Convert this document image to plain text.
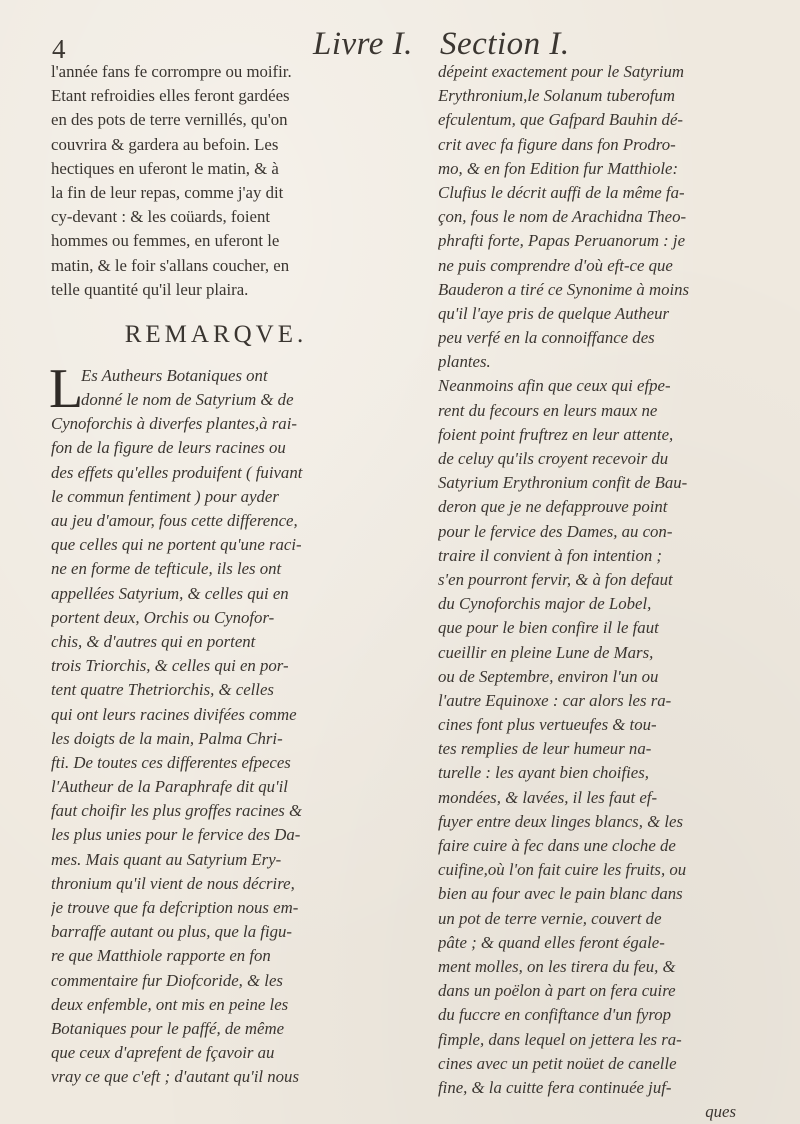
4	Livre I. Section I.
l'année fans fe corrompre ou moifir.
Etant refroidies elles feront gardées
en des pots de terre vernillés, qu'on
couvrira & gardera au befoin. Les
hectiques en uferont le matin, & à
la fin de leur repas, comme j'ay dit
cy-devant : & les coüards, foient
hommes ou femmes, en uferont le
matin, & le foir s'allans coucher, en
telle quantité qu'il leur plaira.
REMARQVE.
L
Es Autheurs Botaniques ont
donné le nom de Satyrium & de
Cynoforchis à diverfes plantes,à rai-
fon de la figure de leurs racines ou
des effets qu'elles produifent ( fuivant
le commun fentiment ) pour ayder
au jeu d'amour, fous cette difference,
que celles qui ne portent qu'une raci-
ne en forme de tefticule, ils les ont
appellées Satyrium, & celles qui en
portent deux, Orchis ou Cynofor-
chis, & d'autres qui en portent
trois Triorchis, & celles qui en por-
tent quatre Thetriorchis, & celles
qui ont leurs racines divifées comme
les doigts de la main, Palma Chri-
fti. De toutes ces differentes efpeces
l'Autheur de la Paraphrafe dit qu'il
faut choifir les plus groffes racines &
les plus unies pour le fervice des Da-
mes. Mais quant au Satyrium Ery-
thronium qu'il vient de nous décrire,
je trouve que fa defcription nous em-
barraffe autant ou plus, que la figu-
re que Matthiole rapporte en fon
commentaire fur Diofcoride, & les
deux enfemble, ont mis en peine les
Botaniques pour le paffé, de même
que ceux d'aprefent de fçavoir au
vray ce que c'eft ; d'autant qu'il nous
dépeint exactement pour le Satyrium
Erythronium,le Solanum tuberofum
efculentum, que Gafpard Bauhin dé-
crit avec fa figure dans fon Prodro-
mo, & en fon Edition fur Matthiole:
Clufius le décrit auffi de la même fa-
çon, fous le nom de Arachidna Theo-
phrafti forte, Papas Peruanorum : je
ne puis comprendre d'où eft-ce que
Bauderon a tiré ce Synonime à moins
qu'il l'aye pris de quelque Autheur
peu verfé en la connoiffance des
plantes.
Neanmoins afin que ceux qui efpe-
rent du fecours en leurs maux ne
foient point fruftrez en leur attente,
de celuy qu'ils croyent recevoir du
Satyrium Erythronium confit de Bau-
deron que je ne defapprouve point
pour le fervice des Dames, au con-
traire il convient à fon intention ;
s'en pourront fervir, & à fon defaut
du Cynoforchis major de Lobel,
que pour le bien confire il le faut
cueillir en pleine Lune de Mars,
ou de Septembre, environ l'un ou
l'autre Equinoxe : car alors les ra-
cines font plus vertueufes & tou-
tes remplies de leur humeur na-
turelle : les ayant bien choifies,
mondées, & lavées, il les faut ef-
fuyer entre deux linges blancs, & les
faire cuire à fec dans une cloche de
cuifine,où l'on fait cuire les fruits, ou
bien au four avec le pain blanc dans
un pot de terre vernie, couvert de
pâte ; & quand elles feront égale-
ment molles, on les tirera du feu, &
dans un poëlon à part on fera cuire
du fuccre en confiftance d'un fyrop
fimple, dans lequel on jettera les ra-
cines avec un petit noüet de canelle
fine, & la cuitte fera continuée juf-
ques
